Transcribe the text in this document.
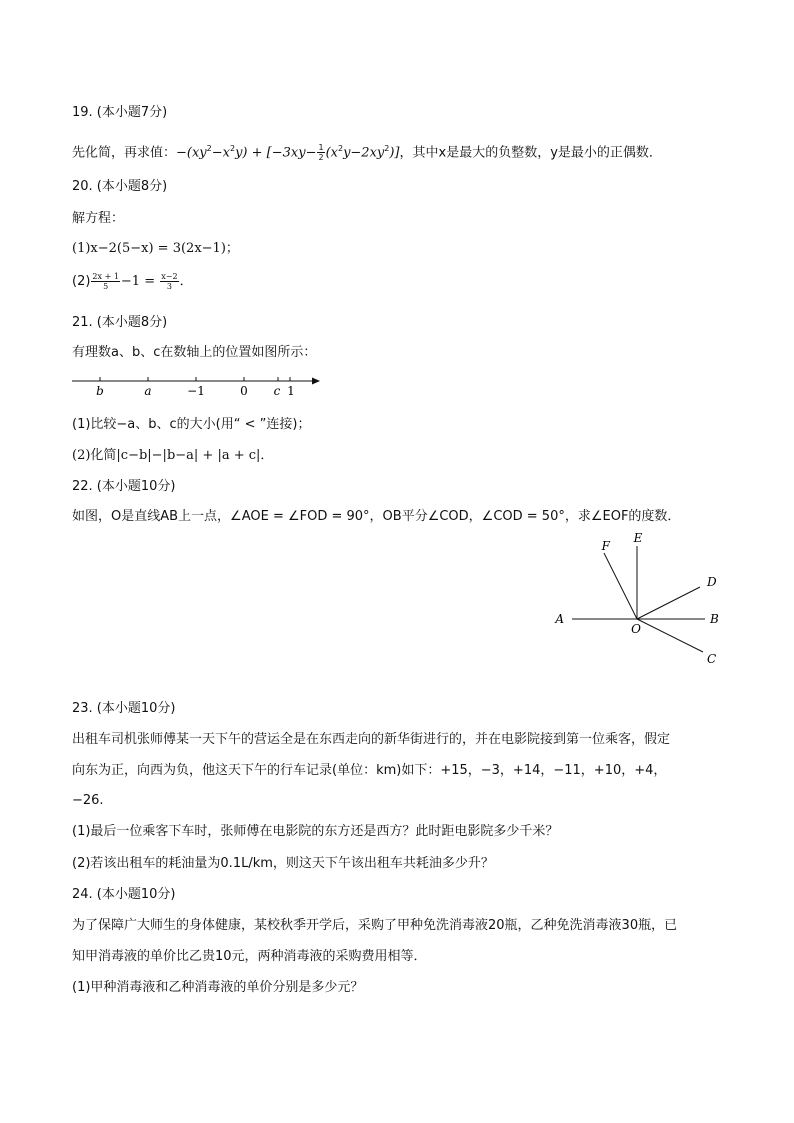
19. (本小题7分)
先化简，再求值：$-(xy^2-x^2y) + [-3xy- \frac{1}{2} (x^2y-2xy^2)]$，其中x是最大的负整数，y是最小的正偶数．
20. (本小题8分)
解方程：
(1)x−2(5−x) = 3(2x−1)；
$(2) \frac{2x + 1}{5} -1 = \frac{x-2}{3}$ ．
21. (本小题8分)
有理数a、b、c在数轴上的位置如图所示：
b	a	−1	0 c 1
(1)比较−a、b、c的大小(用“ < ”连接)；
(2)化简|c−b|−|b−a| + |a + c|．
22. (本小题10分)
如图，O是直线AB上一点，∠AOE = ∠FOD = 90°，OB平分∠COD，∠COD = 50°，求∠EOF的度数．
F
E
D
A
O
B
C
23. (本小题10分)
出租车司机张师傅某一天下午的营运全是在东西走向的新华街进行的，并在电影院接到第一位乘客，假定
向东为正，向西为负，他这天下午的行车记录(单位：km)如下：+15，−3，+14，−11，+10，+4，
−26.
(1)最后一位乘客下车时，张师傅在电影院的东方还是西方？此时距电影院多少千米？
(2)若该出租车的耗油量为0.1L/km，则这天下午该出租车共耗油多少升？
24. (本小题10分)
为了保障广大师生的身体健康，某校秋季开学后，采购了甲种免洗消毒液20瓶，乙种免洗消毒液30瓶，已
知甲消毒液的单价比乙贵10元，两种消毒液的采购费用相等．
(1)甲种消毒液和乙种消毒液的单价分别是多少元？
